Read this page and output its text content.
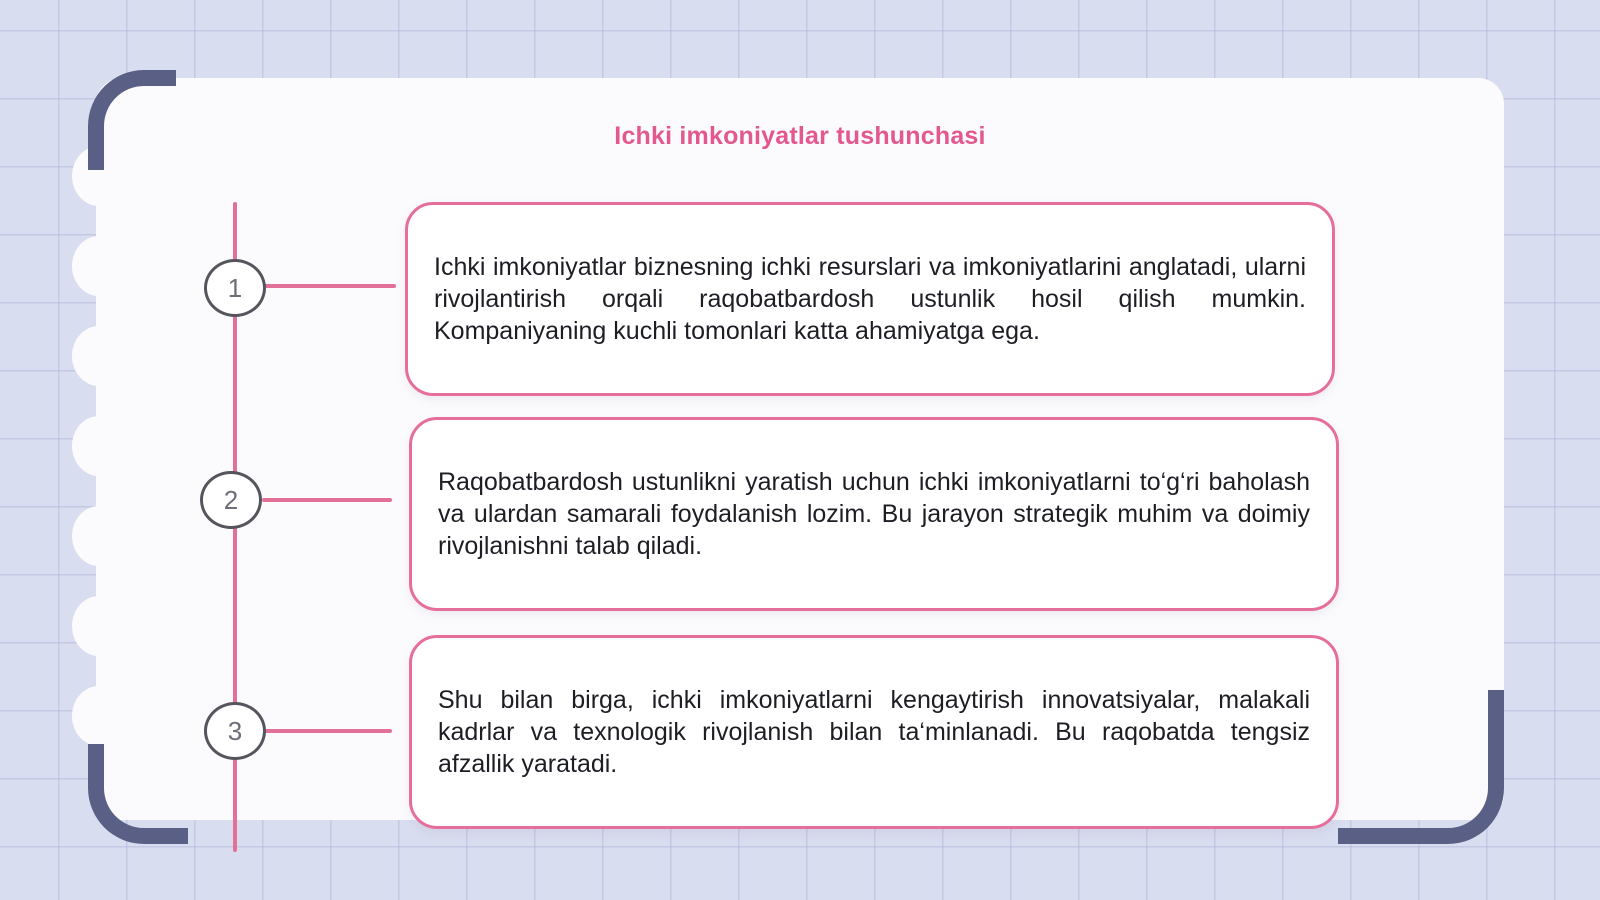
Ichki imkoniyatlar tushunchasi
1

Ichki imkoniyatlar biznesning ichki resurslari va imkoniyatlarini anglatadi, ularni rivojlantirish orqali raqobatbardosh ustunlik hosil qilish mumkin. Kompaniyaning kuchli tomonlari katta ahamiyatga ega.

2

Raqobatbardosh ustunlikni yaratish uchun ichki imkoniyatlarni to‘g‘ri baholash va ulardan samarali foydalanish lozim. Bu jarayon strategik muhim va doimiy rivojlanishni talab qiladi.

3

Shu bilan birga, ichki imkoniyatlarni kengaytirish innovatsiyalar, malakali kadrlar va texnologik rivojlanish bilan ta‘minlanadi. Bu raqobatda tengsiz afzallik yaratadi.
